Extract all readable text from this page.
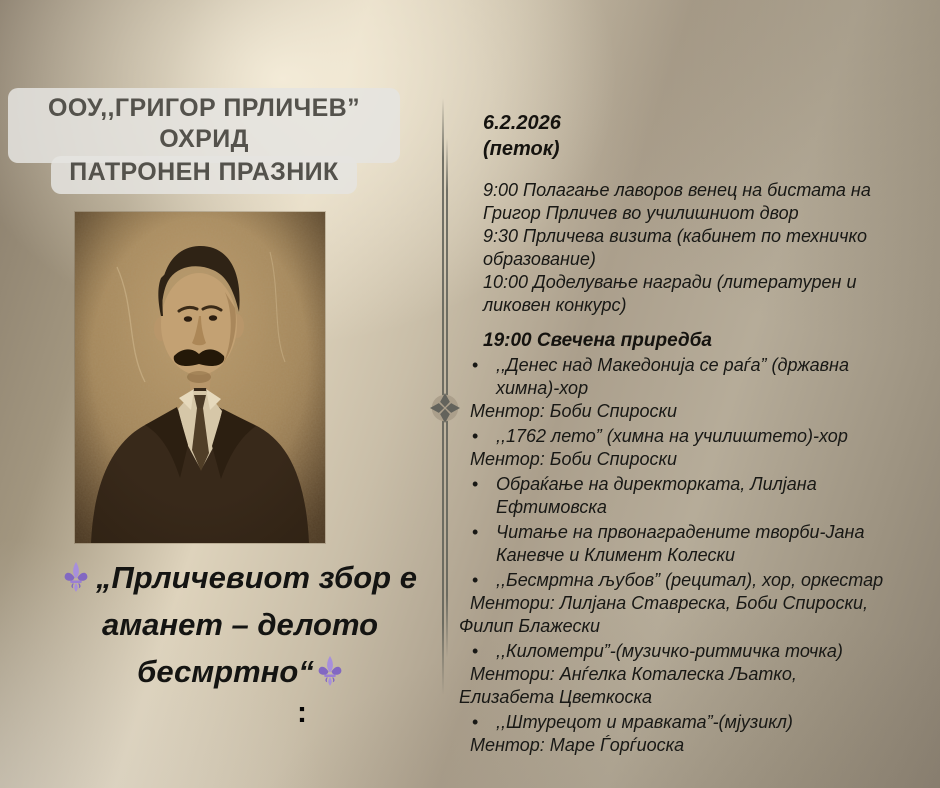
ООУ,,ГРИГОР ПРЛИЧЕВ” ОХРИД ПАТРОНЕН ПРАЗНИК
:
„Прличевиот збор е аманет – делото бесмртно“
6.2.2026
(петок)
9:00 Полагање лаворов венец на бистата на Григор Прличев во училишниот двор
9:30 Прличева визита (кабинет по техничко образование)
10:00 Доделување награди (литературен и ликовен конкурс)
19:00 Свечена приредба
• ,,Денес над Македонија се раѓа” (државна химна)-хор
Ментор: Боби Спироски
• ,,1762 лето” (химна на училиштето)-хор
Ментор: Боби Спироски
• Обраќање на директорката, Лилјана Ефтимовска
• Читање на првонаградените творби-Јана Каневче и Климент Колески
• ,,Бесмртна љубов” (рецитал), хор, оркестар
Ментори: Лилјана Ставреска, Боби Спироски, Филип Блажески
• ,,Километри”-(музичко-ритмичка точка)
Ментори: Анѓелка Коталеска Љатко, Елизабета Цветкоска
• ,,Штурецот и мравката”-(мјузикл)
Ментор: Маре Ѓорѓиоска
